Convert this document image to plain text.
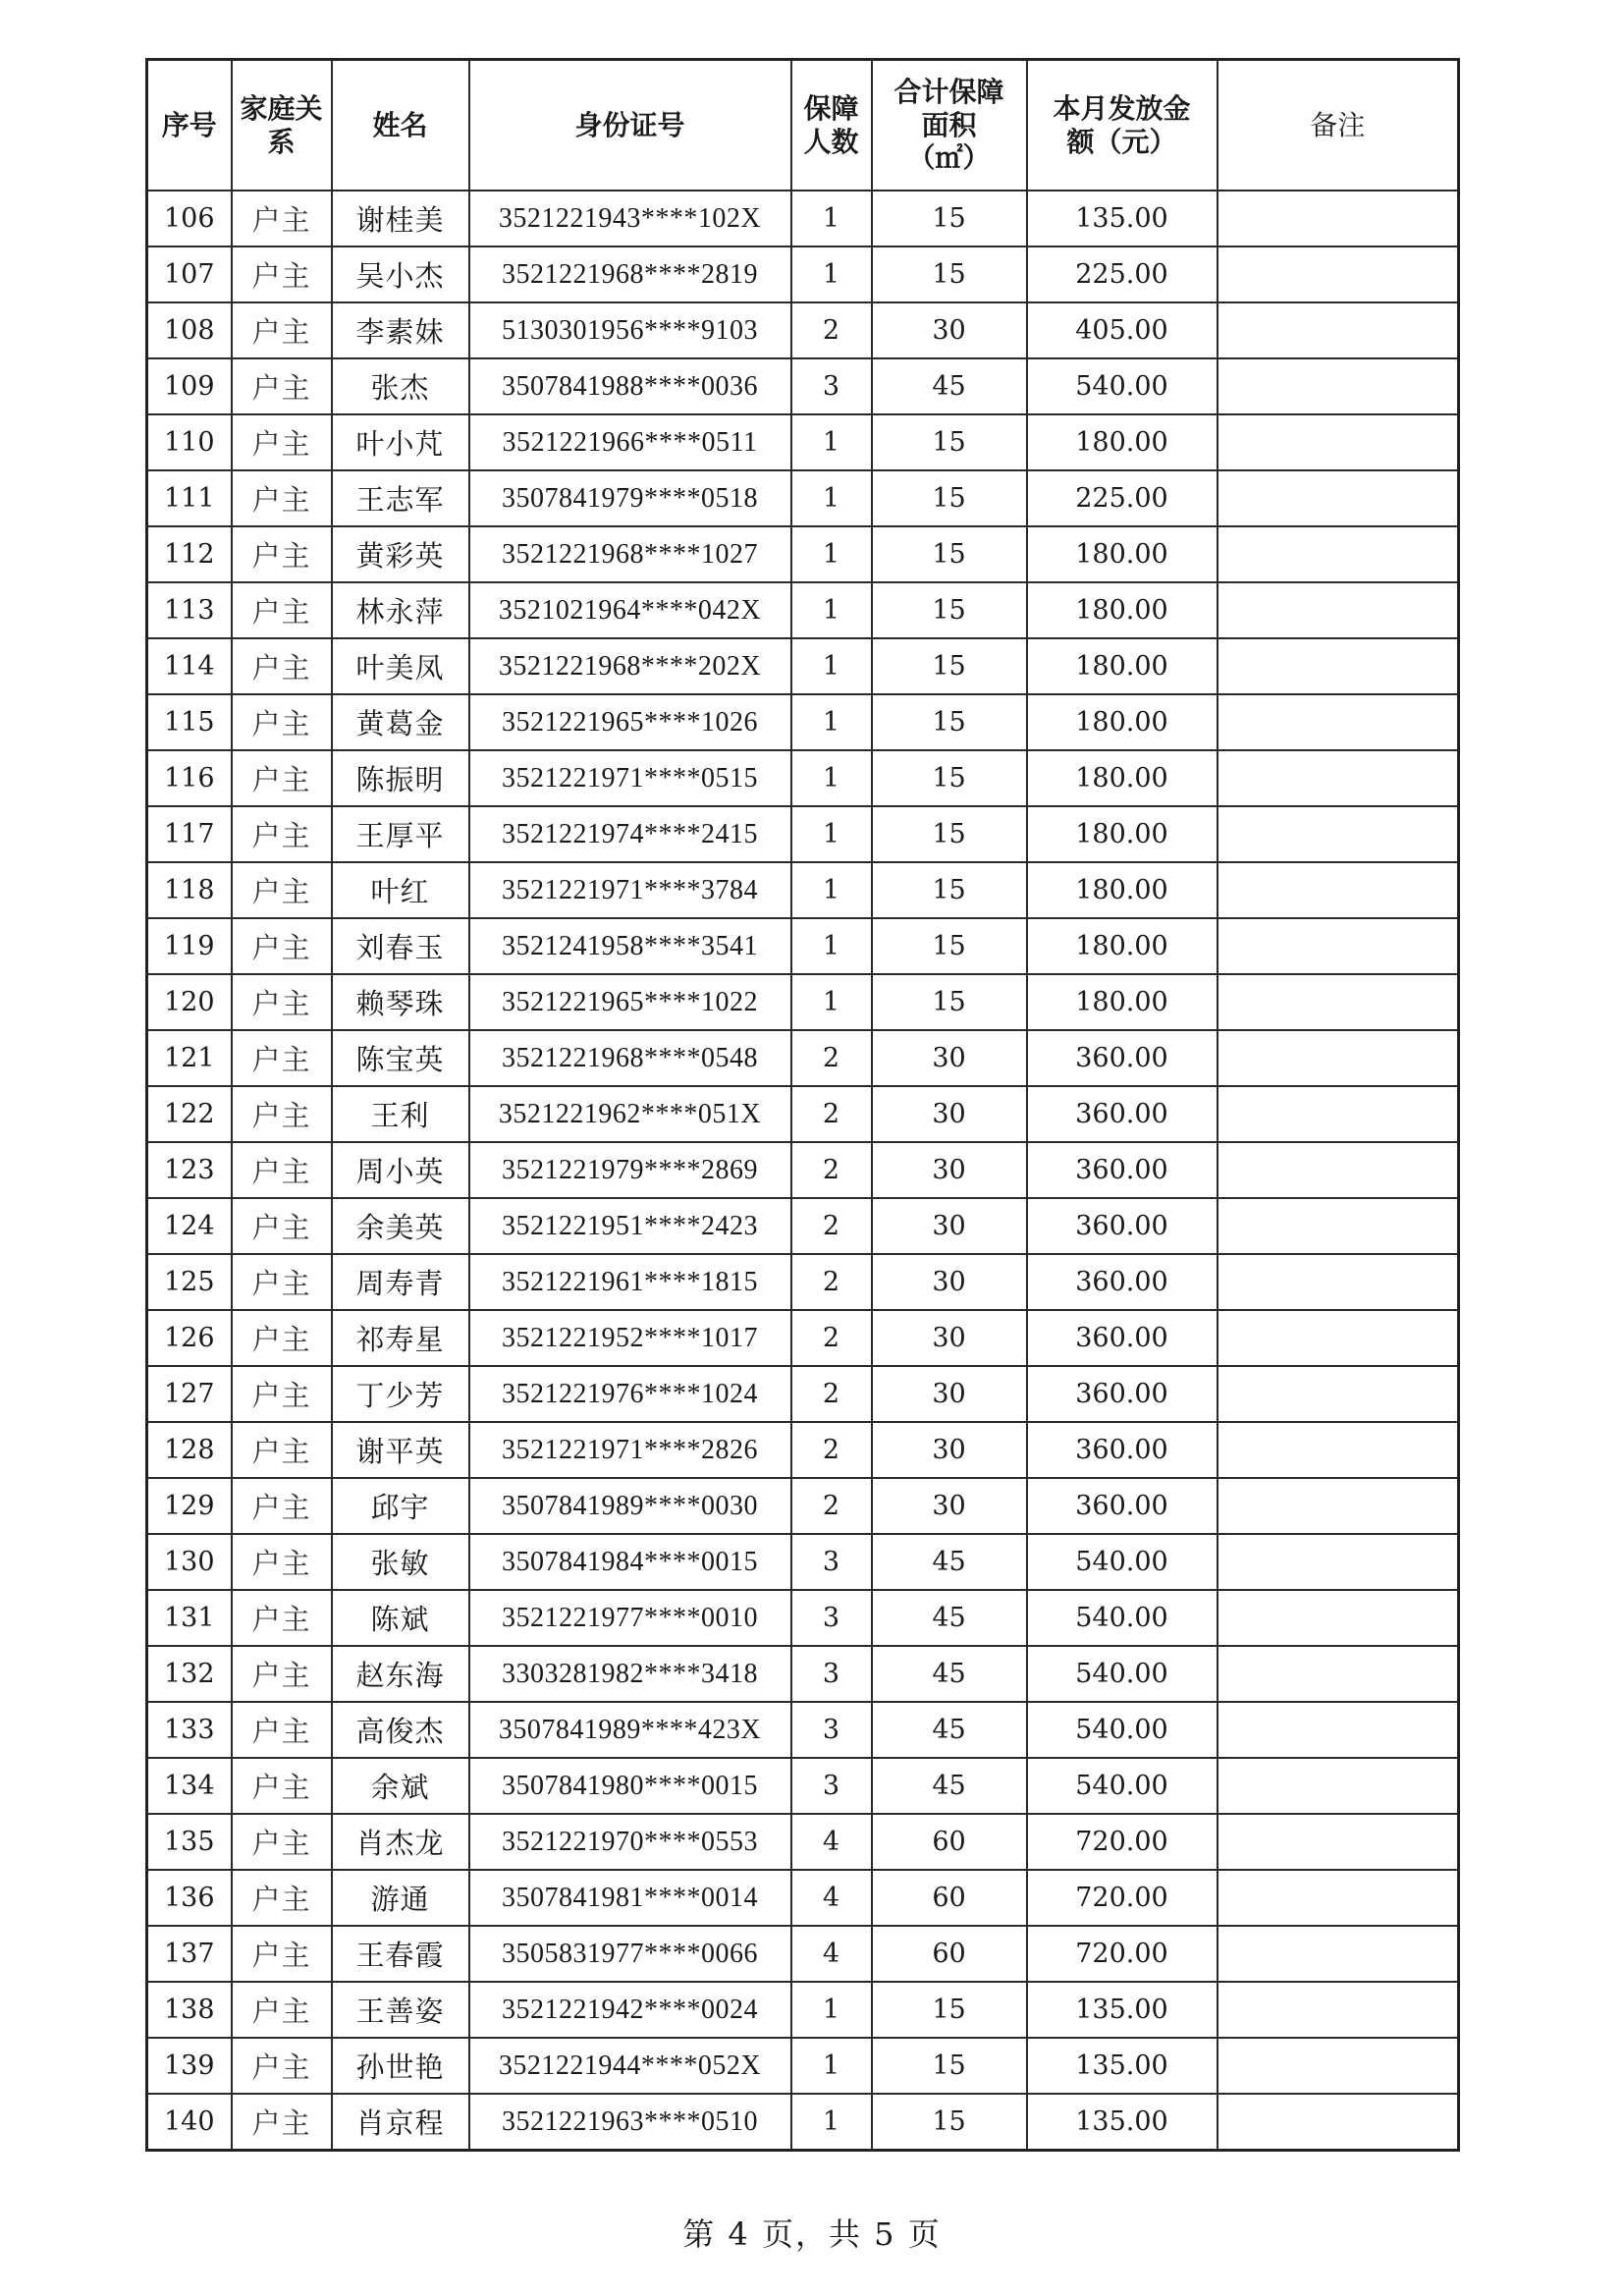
序号	家庭关系	姓名	身份证号	保障人数	合计保障面积（㎡）	本月发放金额（元）	备注
106	户主	谢桂美	3521221943****102X	1	15	135.00	
107	户主	吴小杰	3521221968****2819	1	15	225.00	
108	户主	李素妹	5130301956****9103	2	30	405.00	
109	户主	张杰	3507841988****0036	3	45	540.00	
110	户主	叶小芃	3521221966****0511	1	15	180.00	
111	户主	王志军	3507841979****0518	1	15	225.00	
112	户主	黄彩英	3521221968****1027	1	15	180.00	
113	户主	林永萍	3521021964****042X	1	15	180.00	
114	户主	叶美凤	3521221968****202X	1	15	180.00	
115	户主	黄葛金	3521221965****1026	1	15	180.00	
116	户主	陈振明	3521221971****0515	1	15	180.00	
117	户主	王厚平	3521221974****2415	1	15	180.00	
118	户主	叶红	3521221971****3784	1	15	180.00	
119	户主	刘春玉	3521241958****3541	1	15	180.00	
120	户主	赖琴珠	3521221965****1022	1	15	180.00	
121	户主	陈宝英	3521221968****0548	2	30	360.00	
122	户主	王利	3521221962****051X	2	30	360.00	
123	户主	周小英	3521221979****2869	2	30	360.00	
124	户主	余美英	3521221951****2423	2	30	360.00	
125	户主	周寿青	3521221961****1815	2	30	360.00	
126	户主	祁寿星	3521221952****1017	2	30	360.00	
127	户主	丁少芳	3521221976****1024	2	30	360.00	
128	户主	谢平英	3521221971****2826	2	30	360.00	
129	户主	邱宇	3507841989****0030	2	30	360.00	
130	户主	张敏	3507841984****0015	3	45	540.00	
131	户主	陈斌	3521221977****0010	3	45	540.00	
132	户主	赵东海	3303281982****3418	3	45	540.00	
133	户主	高俊杰	3507841989****423X	3	45	540.00	
134	户主	余斌	3507841980****0015	3	45	540.00	
135	户主	肖杰龙	3521221970****0553	4	60	720.00	
136	户主	游通	3507841981****0014	4	60	720.00	
137	户主	王春霞	3505831977****0066	4	60	720.00	
138	户主	王善姿	3521221942****0024	1	15	135.00	
139	户主	孙世艳	3521221944****052X	1	15	135.00	
140	户主	肖京程	3521221963****0510	1	15	135.00	
第 4 页，共 5 页
